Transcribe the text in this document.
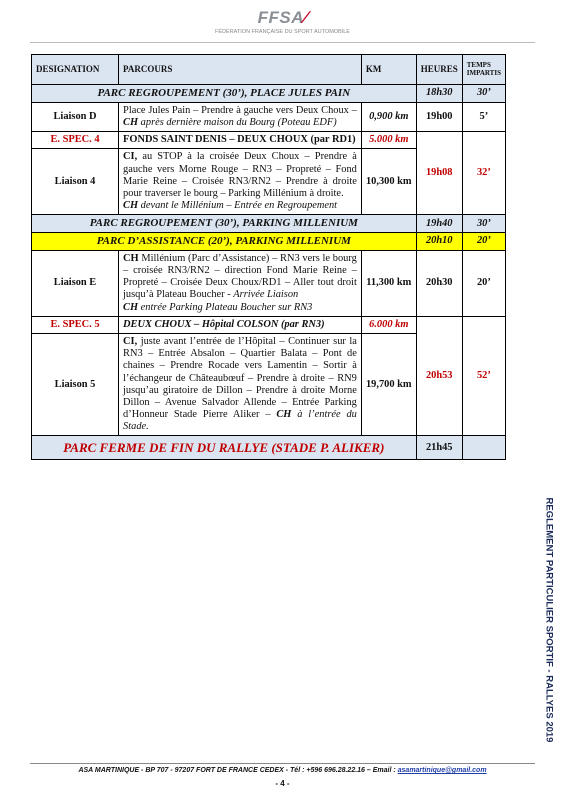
FFSA∕
FÉDÉRATION FRANÇAISE DU SPORT AUTOMOBILE
DESIGNATION	PARCOURS	KM	HEURES	TEMPS IMPARTIS
PARC REGROUPEMENT (30’), PLACE JULES PAIN			18h30	30’
Liaison D	Place Jules Pain – Prendre à gauche vers Deux Choux – CH après dernière maison du Bourg (Poteau EDF)	0,900 km	19h00	5’
E. SPEC. 4	FONDS SAINT DENIS – DEUX CHOUX (par RD1)	5.000 km	19h08	32’
Liaison 4	CI, au STOP à la croisée Deux Choux – Prendre à gauche vers Morne Rouge – RN3 – Propreté – Fond Marie Reine – Croisée RN3/RN2 – Prendre à droite pour traverser le bourg – Parking Millénium à droite.
CH devant le Millénium – Entrée en Regroupement	10,300 km		
PARC REGROUPEMENT (30’), PARKING MILLENIUM			19h40	30’
PARC D’ASSISTANCE (20’), PARKING MILLENIUM			20h10	20’
Liaison E	CH Millénium (Parc d’Assistance) – RN3 vers le bourg – croisée RN3/RN2 – direction Fond Marie Reine – Propreté – Croisée Deux Choux/RD1 – Aller tout droit jusqu’à Plateau Boucher - Arrivée Liaison
CH entrée Parking Plateau Boucher sur RN3	11,300 km	20h30	20’
E. SPEC. 5	DEUX CHOUX – Hôpital COLSON (par RN3)	6.000 km	20h53	52’
Liaison 5	CI, juste avant l’entrée de l’Hôpital – Continuer sur la RN3 – Entrée Absalon – Quartier Balata – Pont de chaines – Prendre Rocade vers Lamentin – Sortir à l’échangeur de Châteaubœuf – Prendre à droite – RN9 jusqu’au giratoire de Dillon – Prendre à droite Morne Dillon – Avenue Salvador Allende – Entrée Parking d’Honneur Stade Pierre Aliker – CH à l’entrée du Stade.	19,700 km		
PARC FERME DE FIN DU RALLYE (STADE P. ALIKER)			21h45	
REGLEMENT PARTICULIER SPORTIF - RALLYES 2019
ASA MARTINIQUE - BP 707 - 97207 FORT DE FRANCE CEDEX - Tél : +596 696.28.22.16 – Email : asamartinique@gmail.com
- 4 -
